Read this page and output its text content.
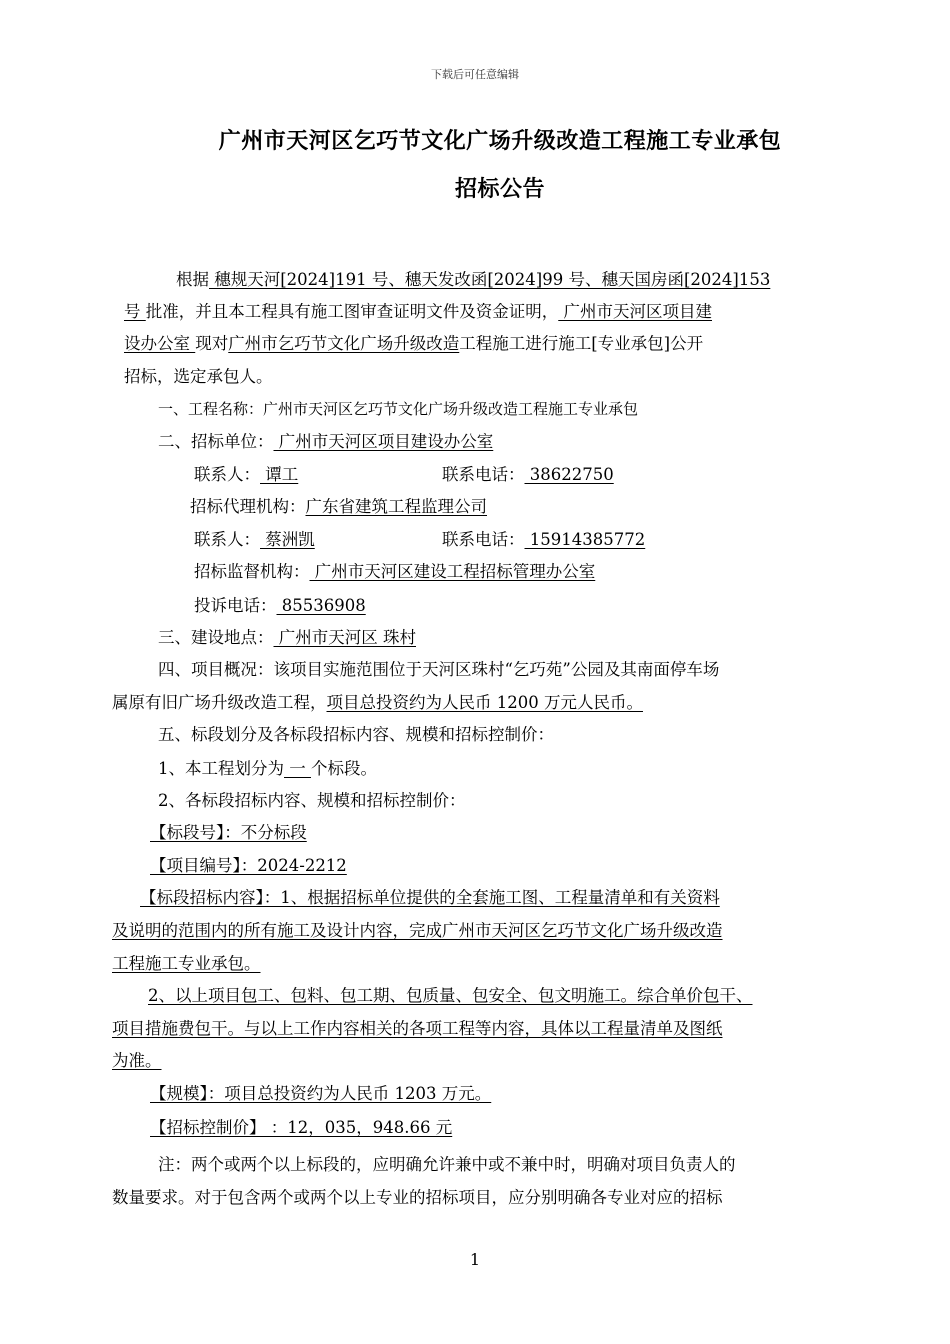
下载后可任意编辑
广州市天河区乞巧节文化广场升级改造工程施工专业承包
招标公告
根据 穗规天河[2024]191 号、穗天发改函[2024]99 号、穗天国房函[2024]153
号 批准，并且本工程具有施工图审查证明文件及资金证明， 广州市天河区项目建
设办公室 现对广州市乞巧节文化广场升级改造工程施工进行施工[专业承包]公开
招标，选定承包人。
一、工程名称：广州市天河区乞巧节文化广场升级改造工程施工专业承包
二、招标单位： 广州市天河区项目建设办公室
联系人： 谭工	联系电话： 38622750
招标代理机构：广东省建筑工程监理公司
联系人： 蔡洲凯	联系电话： 15914385772
招标监督机构： 广州市天河区建设工程招标管理办公室
投诉电话： 85536908
三、建设地点： 广州市天河区 珠村
四、项目概况：该项目实施范围位于天河区珠村“乞巧苑”公园及其南面停车场
属原有旧广场升级改造工程，项目总投资约为人民币 1200 万元人民币。
五、标段划分及各标段招标内容、规模和招标控制价：
1、本工程划分为 一 个标段。
2、各标段招标内容、规模和招标控制价：
【标段号】：不分标段
【项目编号】：2024-2212
【标段招标内容】：1、根据招标单位提供的全套施工图、工程量清单和有关资料
及说明的范围内的所有施工及设计内容，完成广州市天河区乞巧节文化广场升级改造
工程施工专业承包。
2、以上项目包工、包料、包工期、包质量、包安全、包文明施工。综合单价包干、
项目措施费包干。与以上工作内容相关的各项工程等内容，具体以工程量清单及图纸
为准。
【规模】：项目总投资约为人民币 1203 万元。
【招标控制价】 ：12，035，948.66 元
注：两个或两个以上标段的，应明确允许兼中或不兼中时，明确对项目负责人的
数量要求。对于包含两个或两个以上专业的招标项目，应分别明确各专业对应的招标
1
